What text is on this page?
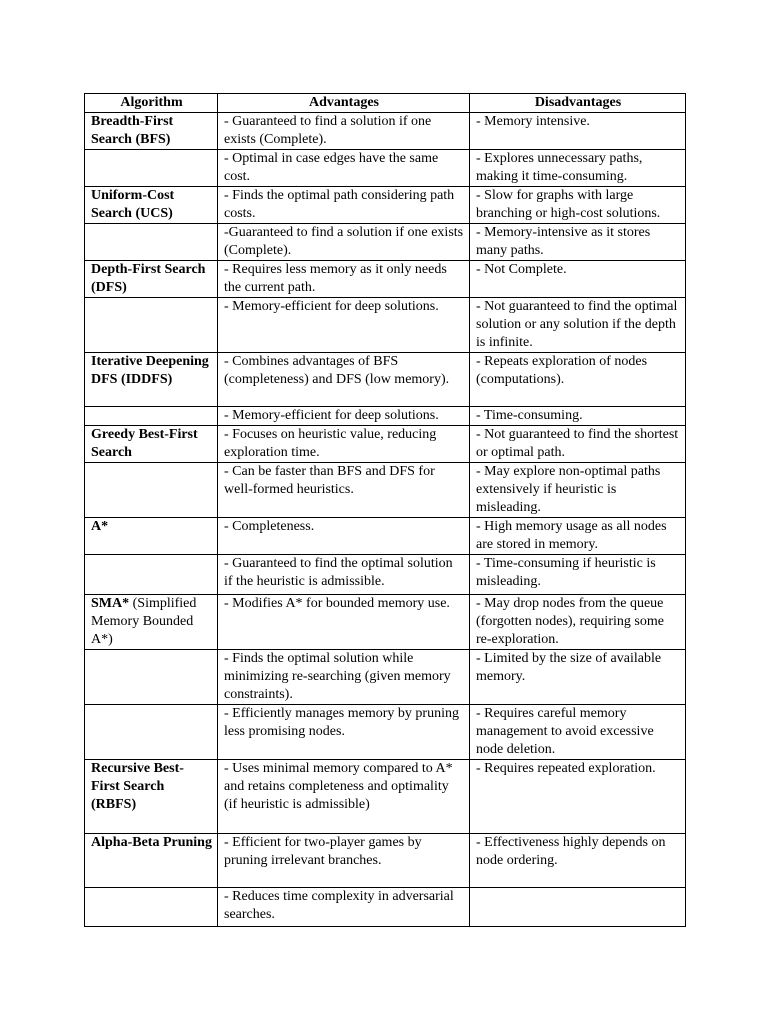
Algorithm	Advantages	Disadvantages
Breadth-First Search (BFS)	- Guaranteed to find a solution if one exists (Complete).	- Memory intensive.
	- Optimal in case edges have the same cost.	- Explores unnecessary paths, making it time-consuming.
Uniform-Cost Search (UCS)	- Finds the optimal path considering path costs.	- Slow for graphs with large branching or high-cost solutions.
	-Guaranteed to find a solution if one exists (Complete).	- Memory-intensive as it stores many paths.
Depth-First Search (DFS)	- Requires less memory as it only needs the current path.	- Not Complete.
	- Memory-efficient for deep solutions.	- Not guaranteed to find the optimal solution or any solution if the depth is infinite.
Iterative Deepening DFS (IDDFS)	- Combines advantages of BFS (completeness) and DFS (low memory).	- Repeats exploration of nodes (computations).
	- Memory-efficient for deep solutions.	- Time-consuming.
Greedy Best-First Search	- Focuses on heuristic value, reducing exploration time.	- Not guaranteed to find the shortest or optimal path.
	- Can be faster than BFS and DFS for well-formed heuristics.	- May explore non-optimal paths extensively if heuristic is misleading.
A*	- Completeness.	- High memory usage as all nodes are stored in memory.
	- Guaranteed to find the optimal solution if the heuristic is admissible.	- Time-consuming if heuristic is misleading.
SMA* (Simplified Memory Bounded A*)	- Modifies A* for bounded memory use.	- May drop nodes from the queue (forgotten nodes), requiring some re-exploration.
	- Finds the optimal solution while minimizing re-searching (given memory constraints).	- Limited by the size of available memory.
	- Efficiently manages memory by pruning less promising nodes.	- Requires careful memory management to avoid excessive node deletion.
Recursive Best-First Search (RBFS)	- Uses minimal memory compared to A* and retains completeness and optimality (if heuristic is admissible)	- Requires repeated exploration.
Alpha-Beta Pruning	- Efficient for two-player games by pruning irrelevant branches.	- Effectiveness highly depends on node ordering.
	- Reduces time complexity in adversarial searches.	
